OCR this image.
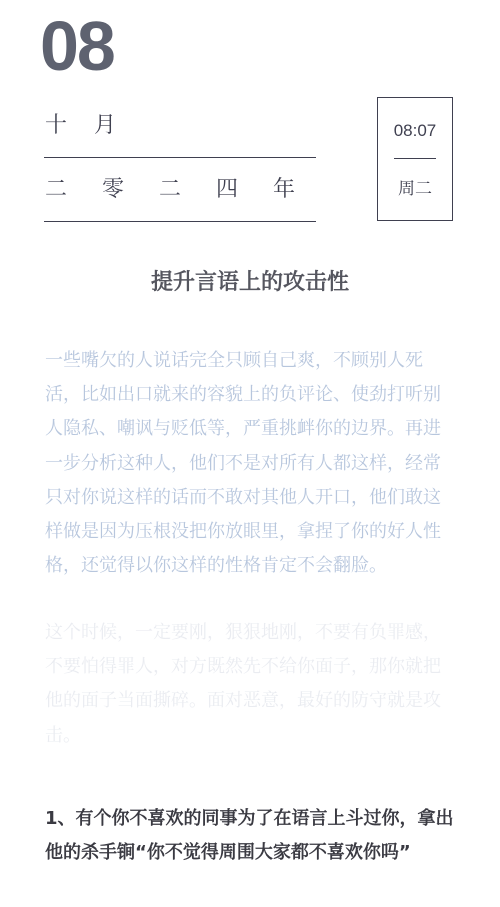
08
十 月
二 零 二 四 年
08:07
周二
提升言语上的攻击性

一些嘴欠的人说话完全只顾自己爽，不顾别人死活，比如出口就来的容貌上的负评论、使劲打听别人隐私、嘲讽与贬低等，严重挑衅你的边界。再进一步分析这种人，他们不是对所有人都这样，经常只对你说这样的话而不敢对其他人开口，他们敢这样做是因为压根没把你放眼里，拿捏了你的好人性格，还觉得以你这样的性格肯定不会翻脸。

这个时候，一定要刚，狠狠地刚，不要有负罪感，不要怕得罪人，对方既然先不给你面子，那你就把他的面子当面撕碎。面对恶意，最好的防守就是攻击。

1、有个你不喜欢的同事为了在语言上斗过你，拿出他的杀手锏“你不觉得周围大家都不喜欢你吗”
